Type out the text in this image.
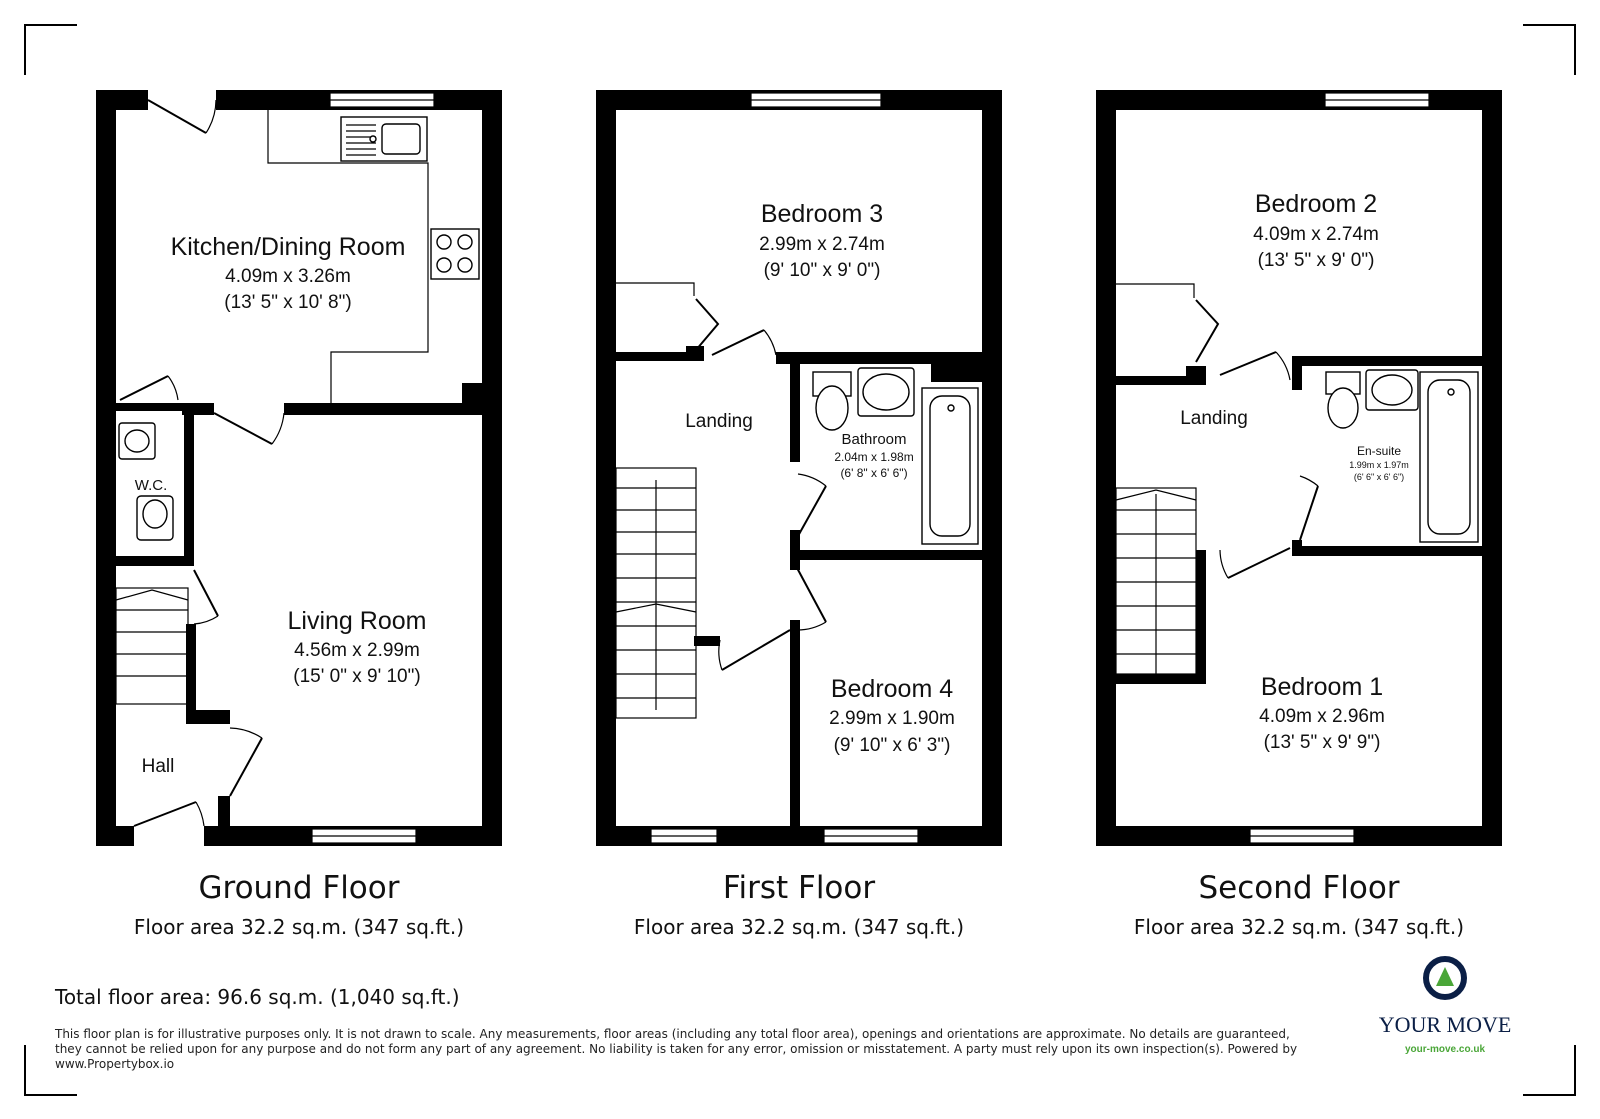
Kitchen/Dining Room
4.09m x 3.26m
(13' 5" x 10' 8")
W.C.
Living Room
4.56m x 2.99m
(15' 0" x 9' 10")
Hall
Bedroom 3
2.99m x 2.74m
(9' 10" x 9' 0")
Landing
Bathroom
2.04m x 1.98m
(6' 8" x 6' 6")
Bedroom 4
2.99m x 1.90m
(9' 10" x 6' 3")
Bedroom 2
4.09m x 2.74m
(13' 5" x 9' 0")
Landing
En-suite
1.99m x 1.97m
(6' 6" x 6' 6")
Bedroom 1
4.09m x 2.96m
(13' 5" x 9' 9")
Ground Floor
Floor area 32.2 sq.m. (347 sq.ft.)
First Floor
Floor area 32.2 sq.m. (347 sq.ft.)
Second Floor
Floor area 32.2 sq.m. (347 sq.ft.)
Total floor area: 96.6 sq.m. (1,040 sq.ft.)
This floor plan is for illustrative purposes only. It is not drawn to scale. Any measurements, floor areas (including any total floor area), openings and orientations are approximate. No details are guaranteed, they cannot be relied upon for any purpose and do not form any part of any agreement. No liability is taken for any error, omission or misstatement. A party must rely upon its own inspection(s). Powered by www.Propertybox.io
YOUR MOVE
your-move.co.uk
